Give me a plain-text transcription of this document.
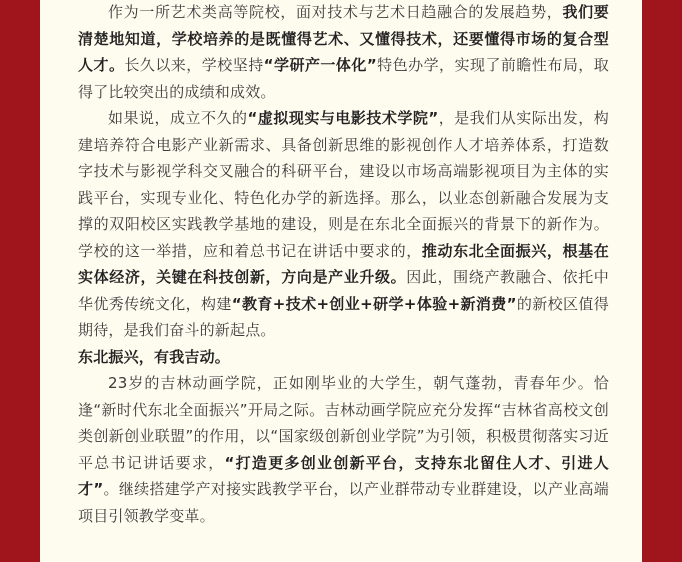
作为一所艺术类高等院校，面对技术与艺术日趋融合的发展趋势，我们要清楚地知道，学校培养的是既懂得艺术、又懂得技术，还要懂得市场的复合型人才。长久以来，学校坚持“学研产一体化”特色办学，实现了前瞻性布局，取得了比较突出的成绩和成效。

如果说，成立不久的“虚拟现实与电影技术学院”，是我们从实际出发，构建培养符合电影产业新需求、具备创新思维的影视创作人才培养体系，打造数字技术与影视学科交叉融合的科研平台，建设以市场高端影视项目为主体的实践平台，实现专业化、特色化办学的新选择。那么，以业态创新融合发展为支撑的双阳校区实践教学基地的建设，则是在东北全面振兴的背景下的新作为。学校的这一举措，应和着总书记在讲话中要求的，推动东北全面振兴，根基在实体经济，关键在科技创新，方向是产业升级。因此，围绕产教融合、依托中华优秀传统文化，构建“教育+技术+创业+研学+体验+新消费”的新校区值得期待，是我们奋斗的新起点。

东北振兴，有我吉动。

23岁的吉林动画学院，正如刚毕业的大学生，朝气蓬勃，青春年少。恰逢“新时代东北全面振兴”开局之际。吉林动画学院应充分发挥“吉林省高校文创类创新创业联盟”的作用，以“国家级创新创业学院”为引领，积极贯彻落实习近平总书记讲话要求，“打造更多创业创新平台，支持东北留住人才、引进人才”。继续搭建学产对接实践教学平台，以产业群带动专业群建设，以产业高端项目引领教学变革。
